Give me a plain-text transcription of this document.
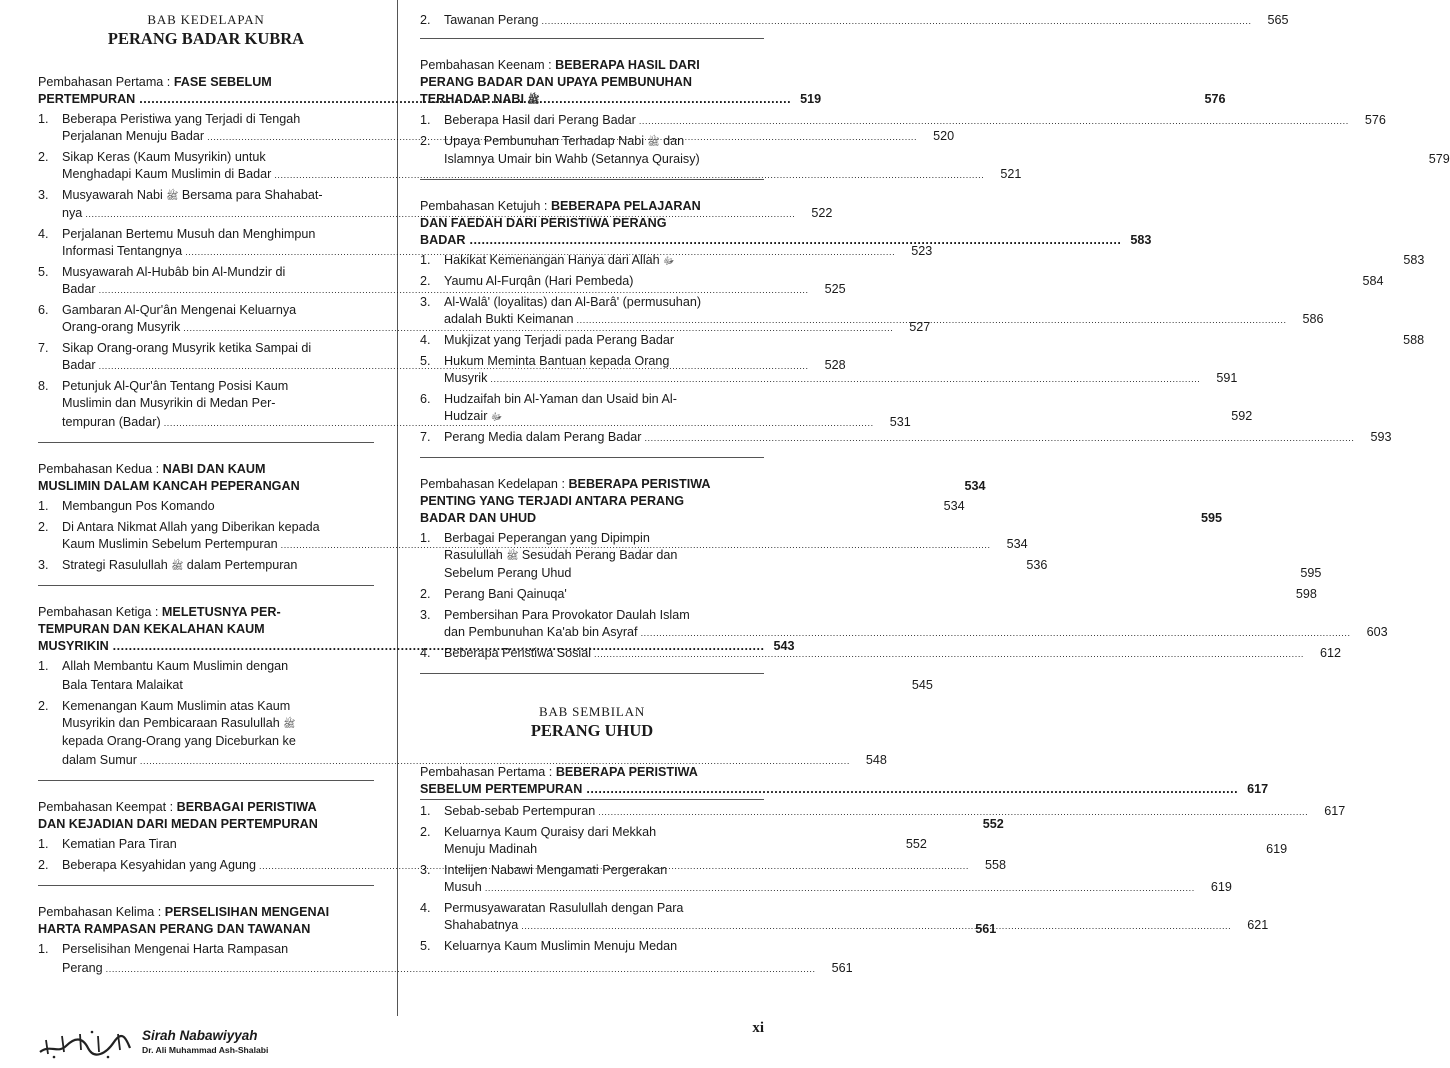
BAB KEDELAPAN
PERANG BADAR KUBRA
Pembahasan Pertama : FASE SEBELUM
PERTEMPURAN .....	519
1.	Beberapa Peristiwa yang Terjadi di Tengah
Perjalanan Menuju Badar .....	520
2.	Sikap Keras (Kaum Musyrikin) untuk
Menghadapi Kaum Muslimin di Badar .....	521
3.	Musyawarah Nabi ﷺ Bersama para Shahabat-
nya .....	522
4.	Perjalanan Bertemu Musuh dan Menghimpun
Informasi Tentangnya .....	523
5.	Musyawarah Al-Hubâb bin Al-Mundzir di
Badar .....	525
6.	Gambaran Al-Qur'ân Mengenai Keluarnya
Orang-orang Musyrik .....	527
7.	Sikap Orang-orang Musyrik ketika Sampai di
Badar .....	528
8.	Petunjuk Al-Qur'ân Tentang Posisi Kaum
Muslimin dan Musyrikin di Medan Per-
tempuran (Badar) .....	531
Pembahasan Kedua : NABI DAN KAUM
MUSLIMIN DALAM KANCAH PEPERANGAN	534
1.	Membangun Pos Komando	534
2.	Di Antara Nikmat Allah yang Diberikan kepada
Kaum Muslimin Sebelum Pertempuran .....	534
3.	Strategi Rasulullah ﷺ dalam Pertempuran	536
Pembahasan Ketiga : MELETUSNYA PER-
TEMPURAN DAN KEKALAHAN KAUM
MUSYRIKIN .....	543
1.	Allah Membantu Kaum Muslimin dengan
Bala Tentara Malaikat	545
2.	Kemenangan Kaum Muslimin atas Kaum
Musyrikin dan Pembicaraan Rasulullah ﷺ
kepada Orang-Orang yang Diceburkan ke
dalam Sumur .....	548
Pembahasan Keempat : BERBAGAI PERISTIWA
DAN KEJADIAN DARI MEDAN PERTEMPURAN	552
1.	Kematian Para Tiran	552
2.	Beberapa Kesyahidan yang Agung .....	558
Pembahasan Kelima : PERSELISIHAN MENGENAI
HARTA RAMPASAN PERANG DAN TAWANAN	561
1.	Perselisihan Mengenai Harta Rampasan
Perang .....	561
2.	Tawanan Perang .....	565
Pembahasan Keenam : BEBERAPA HASIL DARI
PERANG BADAR DAN UPAYA PEMBUNUHAN
TERHADAP NABI ﷺ	576
1.	Beberapa Hasil dari Perang Badar .....	576
2.	Upaya Pembunuhan Terhadap Nabi ﷺ dan
Islamnya Umair bin Wahb (Setannya Quraisy)	579
Pembahasan Ketujuh : BEBERAPA PELAJARAN
DAN FAEDAH DARI PERISTIWA PERANG
BADAR .....	583
1.	Hakikat Kemenangan Hanya dari Allah ﷻ	583
2.	Yaumu Al-Furqân (Hari Pembeda)	584
3.	Al-Walâ' (loyalitas) dan Al-Barâ' (permusuhan)
adalah Bukti Keimanan .....	586
4.	Mukjizat yang Terjadi pada Perang Badar	588
5.	Hukum Meminta Bantuan kepada Orang
Musyrik .....	591
6.	Hudzaifah bin Al-Yaman dan Usaid bin Al-
Hudzair ﷻ	592
7.	Perang Media dalam Perang Badar .....	593
Pembahasan Kedelapan : BEBERAPA PERISTIWA
PENTING YANG TERJADI ANTARA PERANG
BADAR DAN UHUD	595
1.	Berbagai Peperangan yang Dipimpin
Rasulullah ﷺ Sesudah Perang Badar dan
Sebelum Perang Uhud	595
2.	Perang Bani Qainuqa'	598
3.	Pembersihan Para Provokator Daulah Islam
dan Pembunuhan Ka'ab bin Asyraf .....	603
4.	Beberapa Peristiwa Sosial .....	612
BAB SEMBILAN
PERANG UHUD
Pembahasan Pertama : BEBERAPA PERISTIWA
SEBELUM PERTEMPURAN .....	617
1.	Sebab-sebab Pertempuran .....	617
2.	Keluarnya Kaum Quraisy dari Mekkah
Menuju Madinah	619
3.	Intelijen Nabawi Mengamati Pergerakan
Musuh .....	619
4.	Permusyawaratan Rasulullah dengan Para
Shahabatnya .....	621
5.	Keluarnya Kaum Muslimin Menuju Medan
Sirah Nabawiyyah
Dr. Ali Muhammad Ash-Shalabi
xi
